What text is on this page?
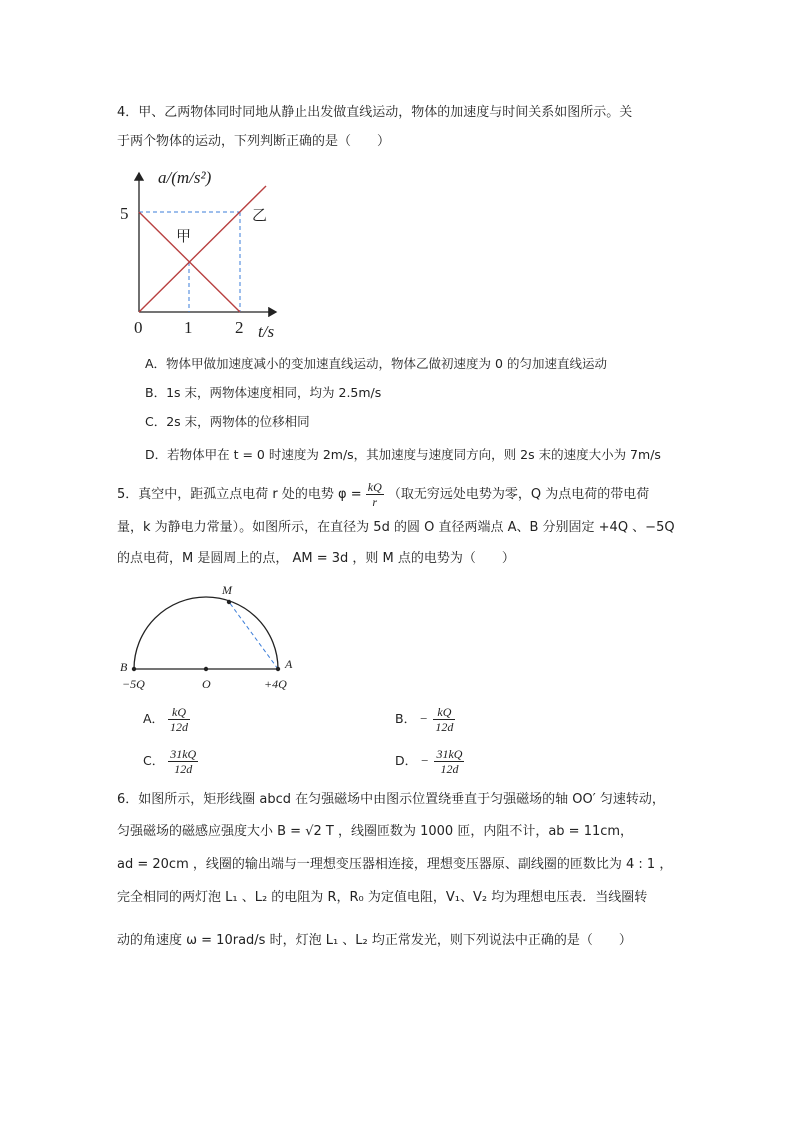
4．甲、乙两物体同时同地从静止出发做直线运动，物体的加速度与时间关系如图所示。关
于两个物体的运动，下列判断正确的是（　　）
a/(m/s²)
t/s
5
0 1	2
甲
乙
A．物体甲做加速度减小的变加速直线运动，物体乙做初速度为 0 的匀加速直线运动
B．1s 末，两物体速度相同，均为 2.5m/s
C．2s 末，两物体的位移相同
D．若物体甲在 t = 0 时速度为 2m/s，其加速度与速度同方向，则 2s 末的速度大小为 7m/s
5．真空中，距孤立点电荷 r 处的电势 $\varphi = \frac{kQ}{r}$ （取无穷远处电势为零，Q 为点电荷的带电荷
量，k 为静电力常量）。如图所示，在直径为 5d 的圆 O 直径两端点 A、B 分别固定 +4Q 、−5Q
的点电荷，M 是圆周上的点， AM = 3d ，则 M 点的电势为（　　）
M
B	A
−5Q	O	+4Q
A． $\frac{kQ}{12d}$	B． − $\frac{kQ}{12d}$
C． $\frac{31kQ}{12d}$	D． − $\frac{31kQ}{12d}$
6．如图所示，矩形线圈 abcd 在匀强磁场中由图示位置绕垂直于匀强磁场的轴 OO′ 匀速转动，
匀强磁场的磁感应强度大小 B = √2 T ，线圈匝数为 1000 匝，内阻不计，ab = 11cm，
ad = 20cm ，线圈的输出端与一理想变压器相连接，理想变压器原、副线圈的匝数比为 4 : 1 ，
完全相同的两灯泡 L₁ 、L₂ 的电阻为 R，R₀ 为定值电阻，V₁、V₂ 均为理想电压表．当线圈转
动的角速度 ω = 10rad/s 时，灯泡 L₁ 、L₂ 均正常发光，则下列说法中正确的是（　　）
